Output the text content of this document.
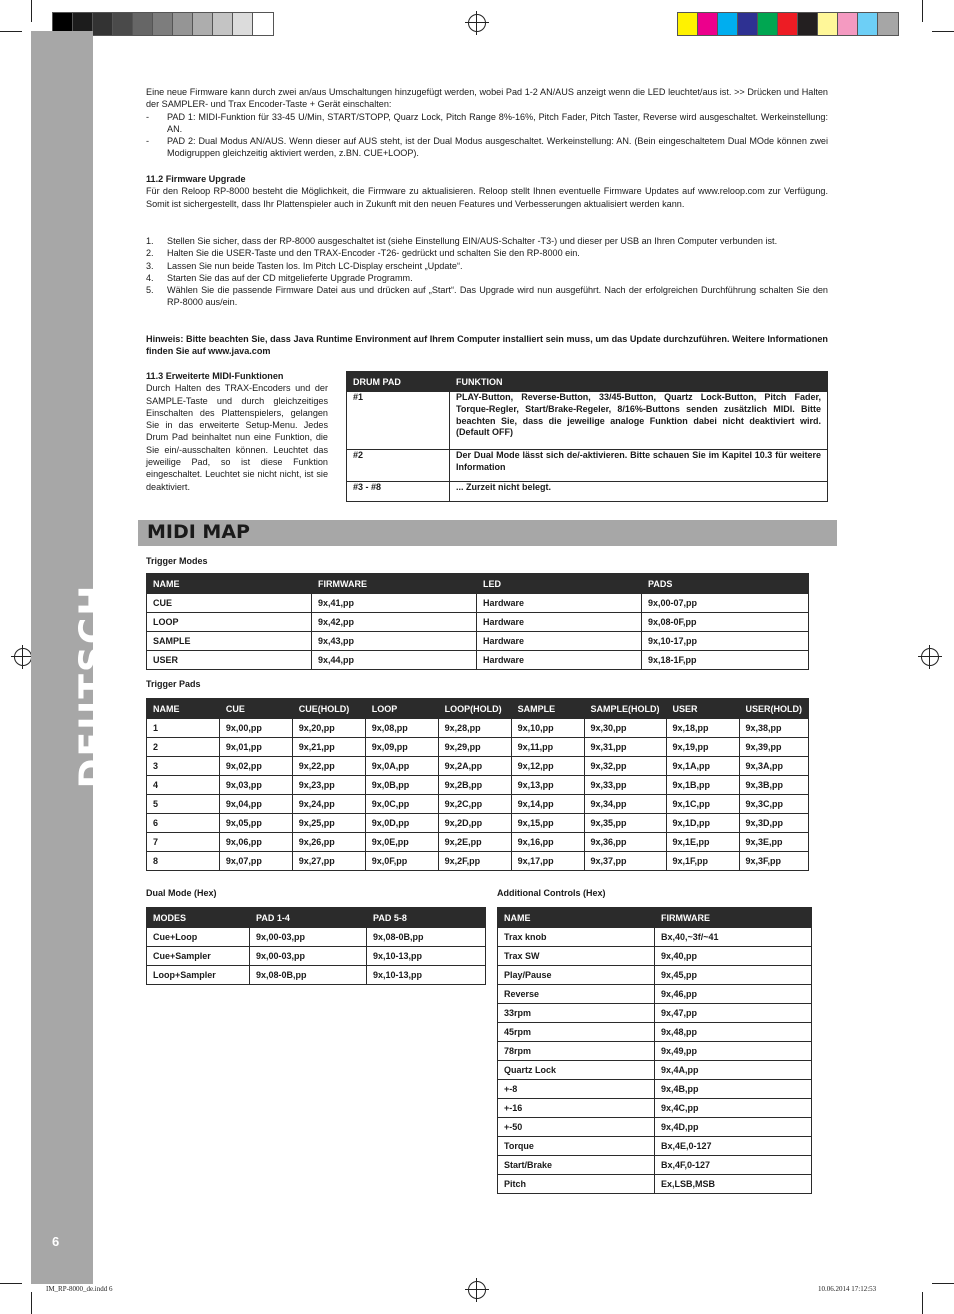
DEUTSCH
6

Eine neue Firmware kann durch zwei an/aus Umschaltungen hinzugefügt werden, wobei Pad 1-2 AN/AUS anzeigt wenn die LED leuchtet/aus ist. >> Drücken und Halten der SAMPLER- und Trax Encoder-Taste + Gerät einschalten:

- PAD 1: MIDI-Funktion für 33-45 U/Min, START/STOPP, Quarz Lock, Pitch Range 8%-16%, Pitch Fader, Pitch Taster, Reverse wird ausgeschaltet. Werkeinstellung: AN.
- PAD 2: Dual Modus AN/AUS. Wenn dieser auf AUS steht, ist der Dual Modus ausgeschaltet. Werkeinstellung: AN. (Bein eingeschaltetem Dual MOde können zwei Modigruppen gleichzeitig aktiviert werden, z.BN. CUE+LOOP).

11.2 Firmware Upgrade

Für den Reloop RP-8000 besteht die Möglichkeit, die Firmware zu aktualisieren. Reloop stellt Ihnen eventuelle Firmware Updates auf www.reloop.com zur Verfügung. Somit ist sichergestellt, dass Ihr Plattenspieler auch in Zukunft mit den neuen Features und Verbesserungen aktualisiert werden kann.

1. Stellen Sie sicher, dass der RP-8000 ausgeschaltet ist (siehe Einstellung EIN/AUS-Schalter -T3-) und dieser per USB an Ihren Computer verbunden ist.
2. Halten Sie die USER-Taste und den TRAX-Encoder -T26- gedrückt und schalten Sie den RP-8000 ein.
3. Lassen Sie nun beide Tasten los. Im Pitch LC-Display erscheint „Update“.
4. Starten Sie das auf der CD mitgelieferte Upgrade Programm.
5. Wählen Sie die passende Firmware Datei aus und drücken auf „Start“. Das Upgrade wird nun ausgeführt. Nach der erfolgreichen Durchführung schalten Sie den RP-8000 aus/ein.

Hinweis: Bitte beachten Sie, dass Java Runtime Environment auf Ihrem Computer installiert sein muss, um das Update durchzuführen. Weitere Informationen finden Sie auf www.java.com

11.3 Erweiterte MIDI-Funktionen

Durch Halten des TRAX-Encoders und der SAMPLE-Taste und durch gleichzeitiges Einschalten des Plattenspielers, gelangen Sie in das erweiterte Setup-Menu. Jedes Drum Pad beinhaltet nun eine Funktion, die Sie ein/-ausschalten können. Leuchtet das jeweilige Pad, so ist diese Funktion eingeschaltet. Leuchtet sie nicht nicht, ist sie deaktiviert.

DRUM PAD	FUNKTION
#1	PLAY-Button, Reverse-Button, 33/45-Button, Quartz Lock-Button, Pitch Fader, Torque-Regler, Start/Brake-Regeler, 8/16%-Buttons senden zusätzlich MIDI. Bitte beachten Sie, dass die jeweilige analoge Funktion dabei nicht deaktiviert wird. (Default OFF)
#2	Der Dual Mode lässt sich de/-aktivieren. Bitte schauen Sie im Kapitel 10.3 für weitere Information
#3 - #8	... Zurzeit nicht belegt.
MIDI MAP
Trigger Modes
NAME	FIRMWARE	LED	PADS
CUE	9x,41,pp	Hardware	9x,00-07,pp
LOOP	9x,42,pp	Hardware	9x,08-0F,pp
SAMPLE	9x,43,pp	Hardware	9x,10-17,pp
USER	9x,44,pp	Hardware	9x,18-1F,pp
Trigger Pads
NAME	CUE	CUE(HOLD)	LOOP	LOOP(HOLD)	SAMPLE	SAMPLE(HOLD)	USER	USER(HOLD)
1	9x,00,pp	9x,20,pp	9x,08,pp	9x,28,pp	9x,10,pp	9x,30,pp	9x,18,pp	9x,38,pp
2	9x,01,pp	9x,21,pp	9x,09,pp	9x,29,pp	9x,11,pp	9x,31,pp	9x,19,pp	9x,39,pp
3	9x,02,pp	9x,22,pp	9x,0A,pp	9x,2A,pp	9x,12,pp	9x,32,pp	9x,1A,pp	9x,3A,pp
4	9x,03,pp	9x,23,pp	9x,0B,pp	9x,2B,pp	9x,13,pp	9x,33,pp	9x,1B,pp	9x,3B,pp
5	9x,04,pp	9x,24,pp	9x,0C,pp	9x,2C,pp	9x,14,pp	9x,34,pp	9x,1C,pp	9x,3C,pp
6	9x,05,pp	9x,25,pp	9x,0D,pp	9x,2D,pp	9x,15,pp	9x,35,pp	9x,1D,pp	9x,3D,pp
7	9x,06,pp	9x,26,pp	9x,0E,pp	9x,2E,pp	9x,16,pp	9x,36,pp	9x,1E,pp	9x,3E,pp
8	9x,07,pp	9x,27,pp	9x,0F,pp	9x,2F,pp	9x,17,pp	9x,37,pp	9x,1F,pp	9x,3F,pp
Dual Mode (Hex)
MODES	PAD 1-4	PAD 5-8
Cue+Loop	9x,00-03,pp	9x,08-0B,pp
Cue+Sampler	9x,00-03,pp	9x,10-13,pp
Loop+Sampler	9x,08-0B,pp	9x,10-13,pp
Additional Controls (Hex)
NAME	FIRMWARE
Trax knob	Bx,40,~3f/~41
Trax SW	9x,40,pp
Play/Pause	9x,45,pp
Reverse	9x,46,pp
33rpm	9x,47,pp
45rpm	9x,48,pp
78rpm	9x,49,pp
Quartz Lock	9x,4A,pp
+-8	9x,4B,pp
+-16	9x,4C,pp
+-50	9x,4D,pp
Torque	Bx,4E,0-127
Start/Brake	Bx,4F,0-127
Pitch	Ex,LSB,MSB
IM_RP-8000_de.indd 6	10.06.2014 17:12:53
